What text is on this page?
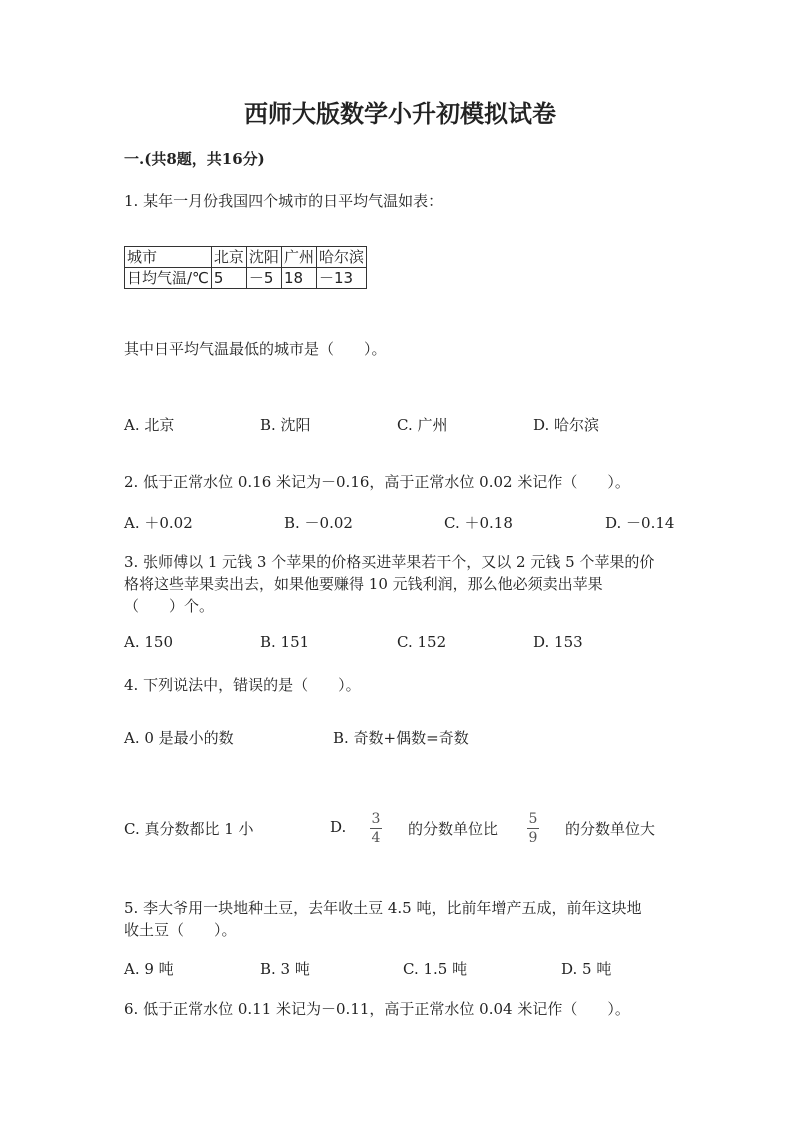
西师大版数学小升初模拟试卷
一.(共8题，共16分)
1. 某年一月份我国四个城市的日平均气温如表：
城市	北京	沈阳	广州	哈尔滨
日均气温/℃	5	－5	18	－13
其中日平均气温最低的城市是（　　）。
A. 北京	B. 沈阳	C. 广州	D. 哈尔滨
2. 低于正常水位 0.16 米记为－0.16，高于正常水位 0.02 米记作（　　）。
A. ＋0.02	B. －0.02	C. ＋0.18	D. －0.14
3. 张师傅以 1 元钱 3 个苹果的价格买进苹果若干个，又以 2 元钱 5 个苹果的价
格将这些苹果卖出去，如果他要赚得 10 元钱利润，那么他必须卖出苹果
（　　）个。
A. 150	B. 151	C. 152	D. 153
4. 下列说法中，错误的是（　　）。
A. 0 是最小的数	B. 奇数+偶数=奇数
C. 真分数都比 1 小	D. 3
4 的分数单位比
5
9 的分数单位大
5. 李大爷用一块地种土豆，去年收土豆 4.5 吨，比前年增产五成，前年这块地
收土豆（　　）。
A. 9 吨	B. 3 吨	C. 1.5 吨	D. 5 吨
6. 低于正常水位 0.11 米记为－0.11，高于正常水位 0.04 米记作（　　）。
